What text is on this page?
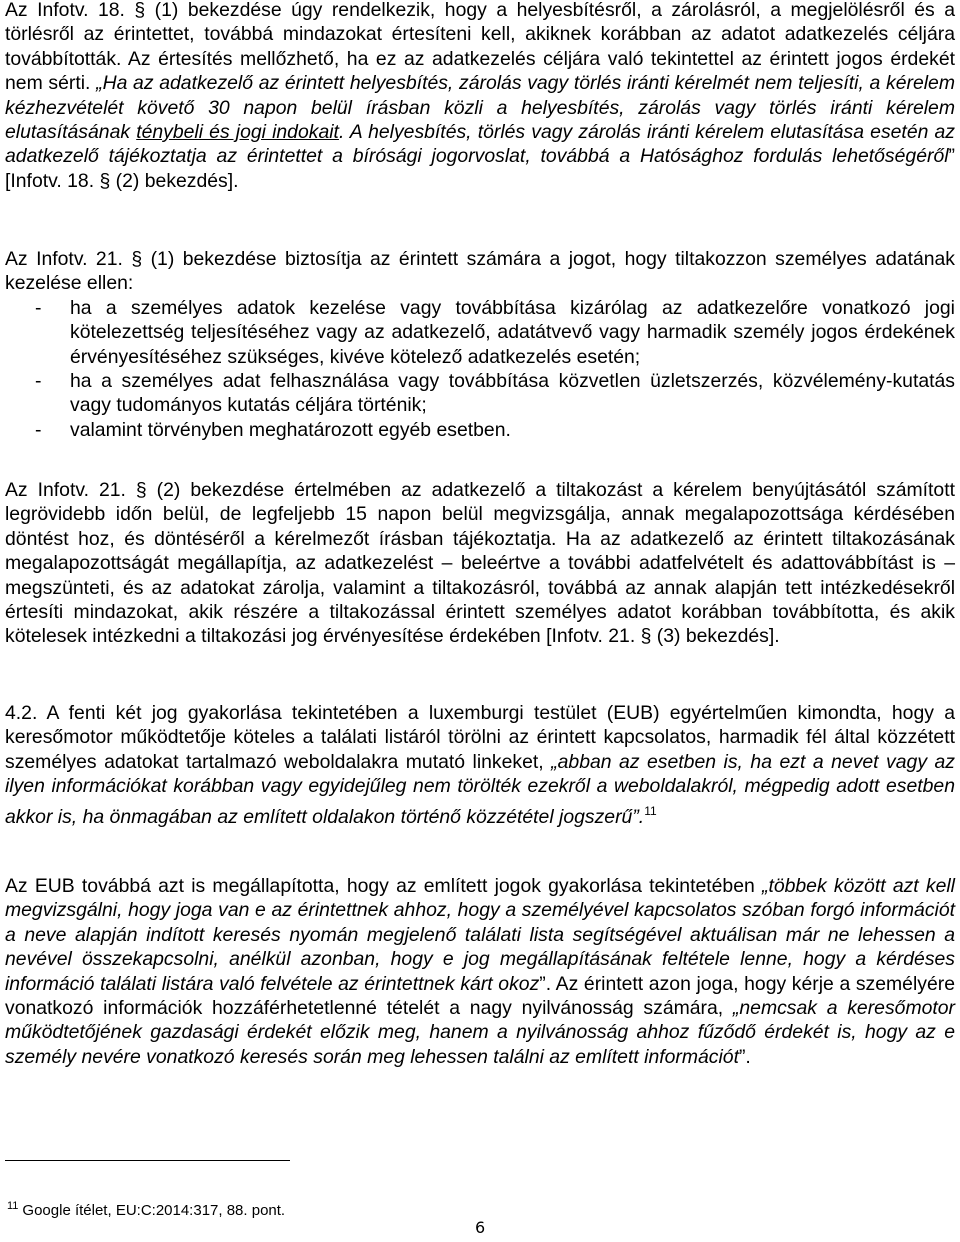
Az Infotv. 18. § (1) bekezdése úgy rendelkezik, hogy a helyesbítésről, a zárolásról, a megjelölésről és a törlésről az érintettet, továbbá mindazokat értesíteni kell, akiknek korábban az adatot adatkezelés céljára továbbították. Az értesítés mellőzhető, ha ez az adatkezelés céljára való tekintettel az érintett jogos érdekét nem sérti. „Ha az adatkezelő az érintett helyesbítés, zárolás vagy törlés iránti kérelmét nem teljesíti, a kérelem kézhezvételét követő 30 napon belül írásban közli a helyesbítés, zárolás vagy törlés iránti kérelem elutasításának ténybeli és jogi indokait. A helyesbítés, törlés vagy zárolás iránti kérelem elutasítása esetén az adatkezelő tájékoztatja az érintettet a bírósági jogorvoslat, továbbá a Hatósághoz fordulás lehetőségéről” [Infotv. 18. § (2) bekezdés].

Az Infotv. 21. § (1) bekezdése biztosítja az érintett számára a jogot, hogy tiltakozzon személyes adatának kezelése ellen:

- ha a személyes adatok kezelése vagy továbbítása kizárólag az adatkezelőre vonatkozó jogi kötelezettség teljesítéséhez vagy az adatkezelő, adatátvevő vagy harmadik személy jogos érdekének érvényesítéséhez szükséges, kivéve kötelező adatkezelés esetén;
- ha a személyes adat felhasználása vagy továbbítása közvetlen üzletszerzés, közvélemény-kutatás vagy tudományos kutatás céljára történik;
- valamint törvényben meghatározott egyéb esetben.

Az Infotv. 21. § (2) bekezdése értelmében az adatkezelő a tiltakozást a kérelem benyújtásától számított legrövidebb időn belül, de legfeljebb 15 napon belül megvizsgálja, annak megalapozottsága kérdésében döntést hoz, és döntéséről a kérelmezőt írásban tájékoztatja. Ha az adatkezelő az érintett tiltakozásának megalapozottságát megállapítja, az adatkezelést – beleértve a további adatfelvételt és adattovábbítást is – megszünteti, és az adatokat zárolja, valamint a tiltakozásról, továbbá az annak alapján tett intézkedésekről értesíti mindazokat, akik részére a tiltakozással érintett személyes adatot korábban továbbította, és akik kötelesek intézkedni a tiltakozási jog érvényesítése érdekében [Infotv. 21. § (3) bekezdés].

4.2. A fenti két jog gyakorlása tekintetében a luxemburgi testület (EUB) egyértelműen kimondta, hogy a keresőmotor működtetője köteles a találati listáról törölni az érintett kapcsolatos, harmadik fél által közzétett személyes adatokat tartalmazó weboldalakra mutató linkeket, „abban az esetben is, ha ezt a nevet vagy az ilyen információkat korábban vagy egyidejűleg nem törölték ezekről a weboldalakról, mégpedig adott esetben akkor is, ha önmagában az említett oldalakon történő közzététel jogszerű”.$^{11}$

Az EUB továbbá azt is megállapította, hogy az említett jogok gyakorlása tekintetében „többek között azt kell megvizsgálni, hogy joga van e az érintettnek ahhoz, hogy a személyével kapcsolatos szóban forgó információt a neve alapján indított keresés nyomán megjelenő találati lista segítségével aktuálisan már ne lehessen a nevével összekapcsolni, anélkül azonban, hogy e jog megállapításának feltétele lenne, hogy a kérdéses információ találati listára való felvétele az érintettnek kárt okoz”. Az érintett azon joga, hogy kérje a személyére vonatkozó információk hozzáférhetetlenné tételét a nagy nyilvánosság számára, „nemcsak a keresőmotor működtetőjének gazdasági érdekét előzik meg, hanem a nyilvánosság ahhoz fűződő érdekét is, hogy az e személy nevére vonatkozó keresés során meg lehessen találni az említett információt”.

$^{11}$ Google ítélet, EU:C:2014:317, 88. pont.
6
